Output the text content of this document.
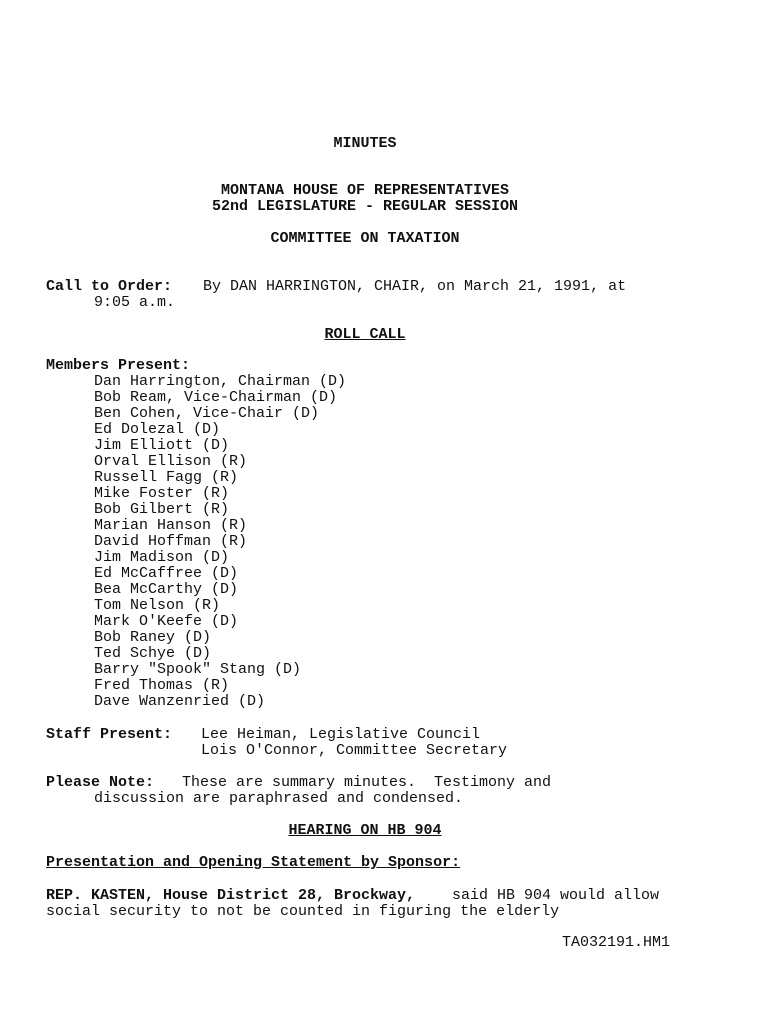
MINUTES
MONTANA HOUSE OF REPRESENTATIVES
52nd LEGISLATURE - REGULAR SESSION
COMMITTEE ON TAXATION
Call to Order: By DAN HARRINGTON, CHAIR, on March 21, 1991, at
9:05 a.m.
ROLL CALL
Members Present:
Dan Harrington, Chairman (D)
Bob Ream, Vice-Chairman (D)
Ben Cohen, Vice-Chair (D)
Ed Dolezal (D)
Jim Elliott (D)
Orval Ellison (R)
Russell Fagg (R)
Mike Foster (R)
Bob Gilbert (R)
Marian Hanson (R)
David Hoffman (R)
Jim Madison (D)
Ed McCaffree (D)
Bea McCarthy (D)
Tom Nelson (R)
Mark O'Keefe (D)
Bob Raney (D)
Ted Schye (D)
Barry "Spook" Stang (D)
Fred Thomas (R)
Dave Wanzenried (D)
Staff Present: Lee Heiman, Legislative Council
Lois O'Connor, Committee Secretary
Please Note: These are summary minutes.  Testimony and
discussion are paraphrased and condensed.
HEARING ON HB 904
Presentation and Opening Statement by Sponsor:
REP. KASTEN, House District 28, Brockway, said HB 904 would allow
social security to not be counted in figuring the elderly
TA032191.HM1
